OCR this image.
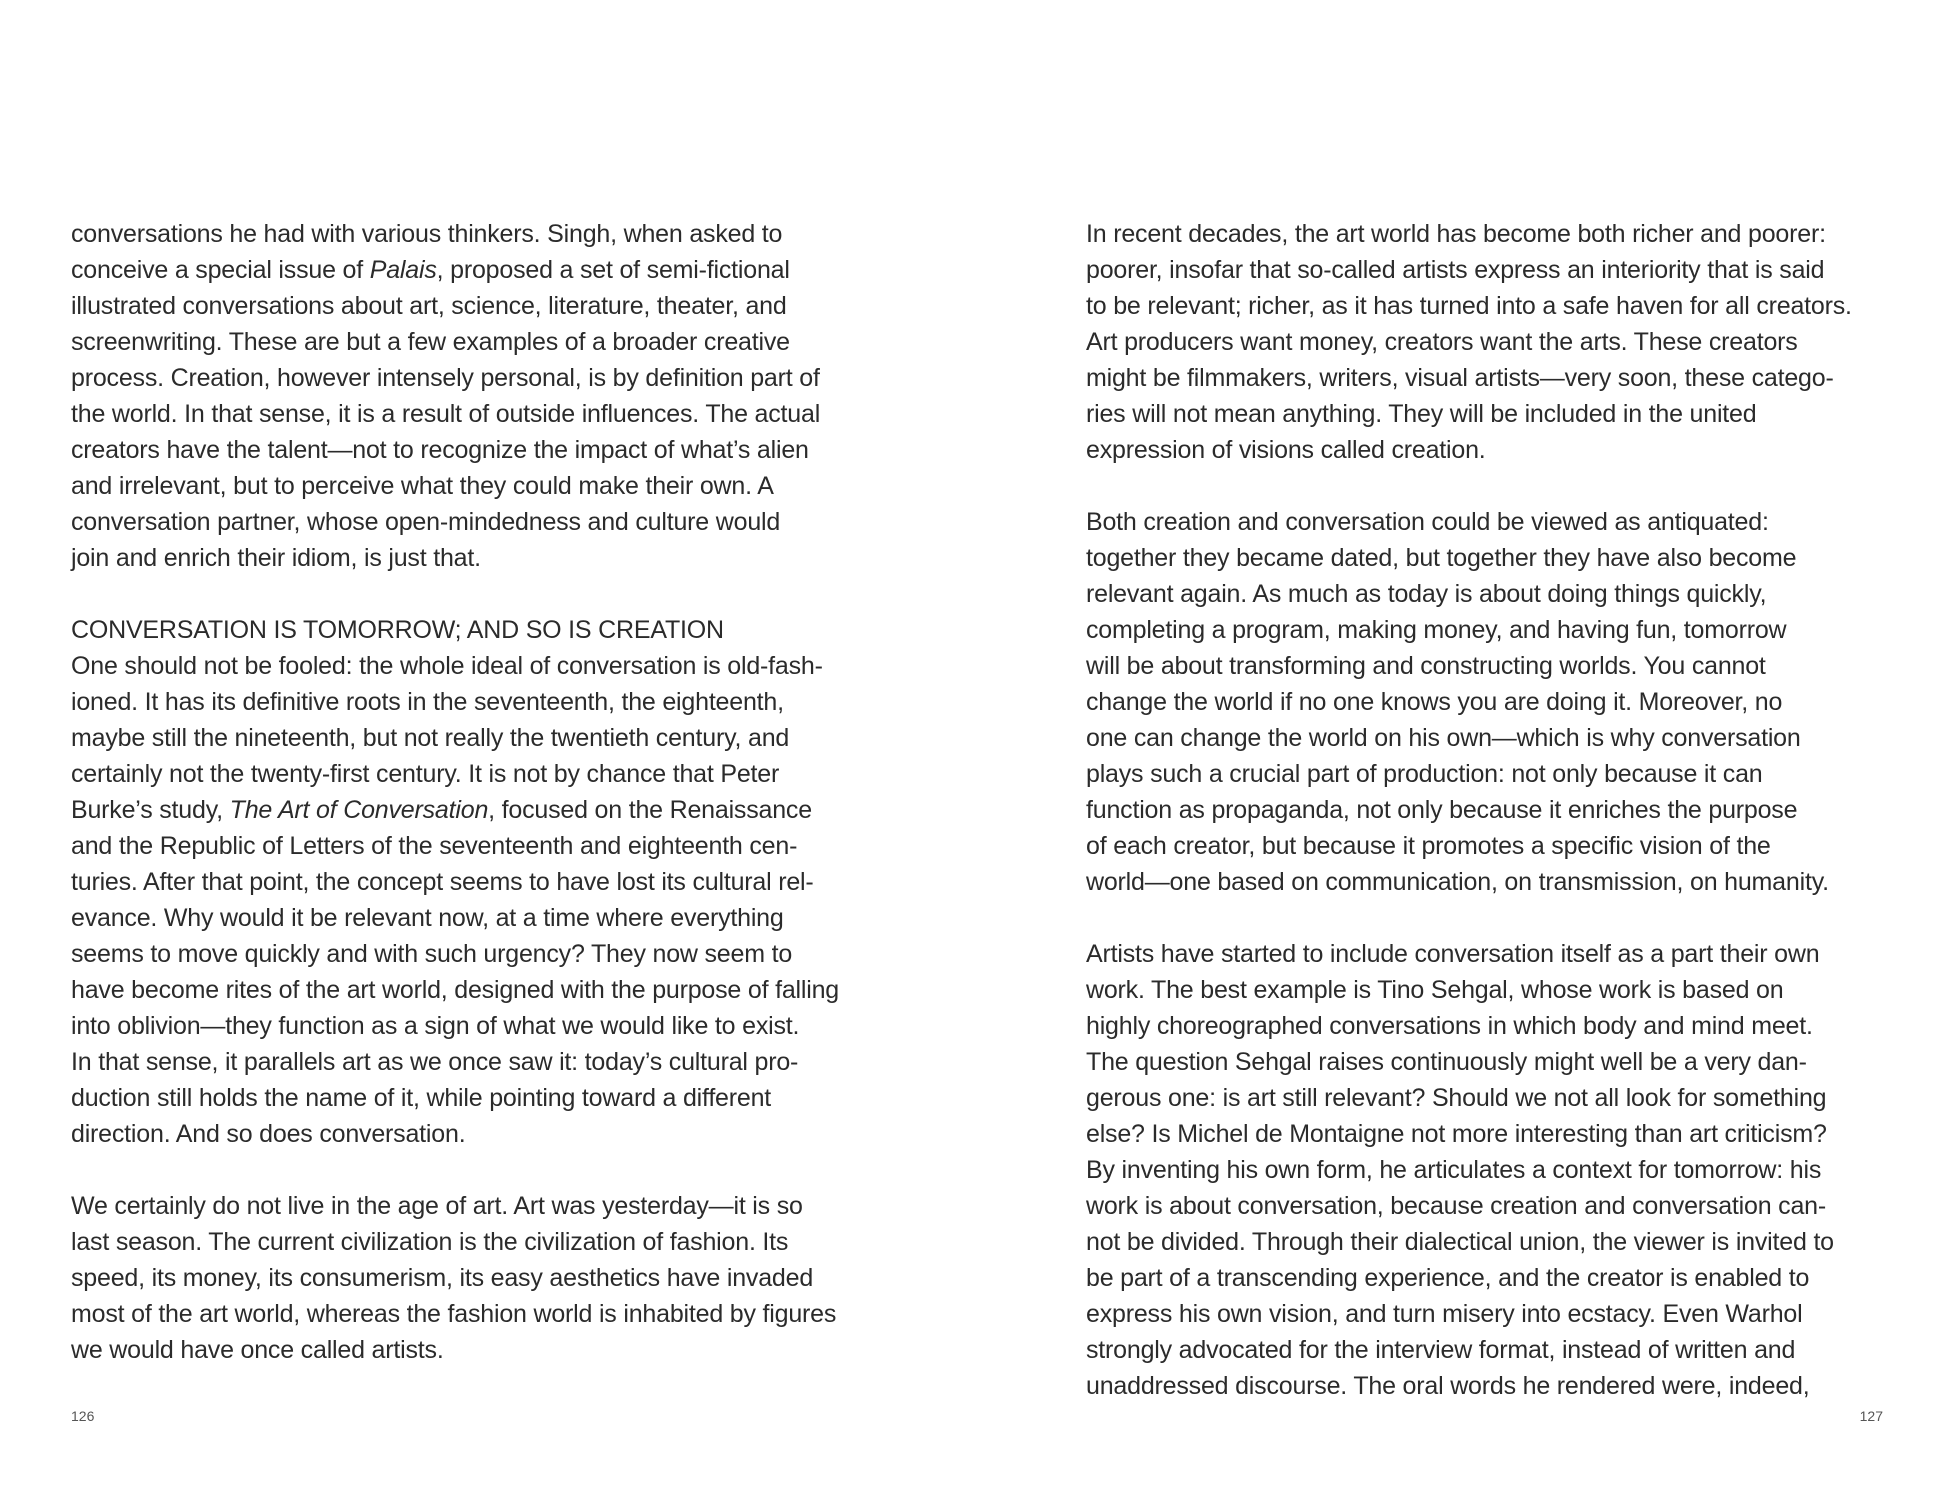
conversations he had with various thinkers. Singh, when asked to
conceive a special issue of Palais, proposed a set of semi-fictional
illustrated conversations about art, science, literature, theater, and
screenwriting. These are but a few examples of a broader creative
process. Creation, however intensely personal, is by definition part of
the world. In that sense, it is a result of outside influences. The actual
creators have the talent—not to recognize the impact of what’s alien
and irrelevant, but to perceive what they could make their own. A
conversation partner, whose open-mindedness and culture would
join and enrich their idiom, is just that.
CONVERSATION IS TOMORROW; AND SO IS CREATION
One should not be fooled: the whole ideal of conversation is old-fash-
ioned. It has its definitive roots in the seventeenth, the eighteenth,
maybe still the nineteenth, but not really the twentieth century, and
certainly not the twenty-first century. It is not by chance that Peter
Burke’s study, The Art of Conversation, focused on the Renaissance
and the Republic of Letters of the seventeenth and eighteenth cen-
turies. After that point, the concept seems to have lost its cultural rel-
evance. Why would it be relevant now, at a time where everything
seems to move quickly and with such urgency? They now seem to
have become rites of the art world, designed with the purpose of falling
into oblivion—they function as a sign of what we would like to exist.
In that sense, it parallels art as we once saw it: today’s cultural pro-
duction still holds the name of it, while pointing toward a different
direction. And so does conversation.
We certainly do not live in the age of art. Art was yesterday—it is so
last season. The current civilization is the civilization of fashion. Its
speed, its money, its consumerism, its easy aesthetics have invaded
most of the art world, whereas the fashion world is inhabited by figures
we would have once called artists.
126
In recent decades, the art world has become both richer and poorer:
poorer, insofar that so-called artists express an interiority that is said
to be relevant; richer, as it has turned into a safe haven for all creators.
Art producers want money, creators want the arts. These creators
might be filmmakers, writers, visual artists—very soon, these catego-
ries will not mean anything. They will be included in the united
expression of visions called creation.
Both creation and conversation could be viewed as antiquated:
together they became dated, but together they have also become
relevant again. As much as today is about doing things quickly,
completing a program, making money, and having fun, tomorrow
will be about transforming and constructing worlds. You cannot
change the world if no one knows you are doing it. Moreover, no
one can change the world on his own—which is why conversation
plays such a crucial part of production: not only because it can
function as propaganda, not only because it enriches the purpose
of each creator, but because it promotes a specific vision of the
world—one based on communication, on transmission, on humanity.
Artists have started to include conversation itself as a part their own
work. The best example is Tino Sehgal, whose work is based on
highly choreographed conversations in which body and mind meet.
The question Sehgal raises continuously might well be a very dan-
gerous one: is art still relevant? Should we not all look for something
else? Is Michel de Montaigne not more interesting than art criticism?
By inventing his own form, he articulates a context for tomorrow: his
work is about conversation, because creation and conversation can-
not be divided. Through their dialectical union, the viewer is invited to
be part of a transcending experience, and the creator is enabled to
express his own vision, and turn misery into ecstacy. Even Warhol
strongly advocated for the interview format, instead of written and
unaddressed discourse. The oral words he rendered were, indeed,
127
